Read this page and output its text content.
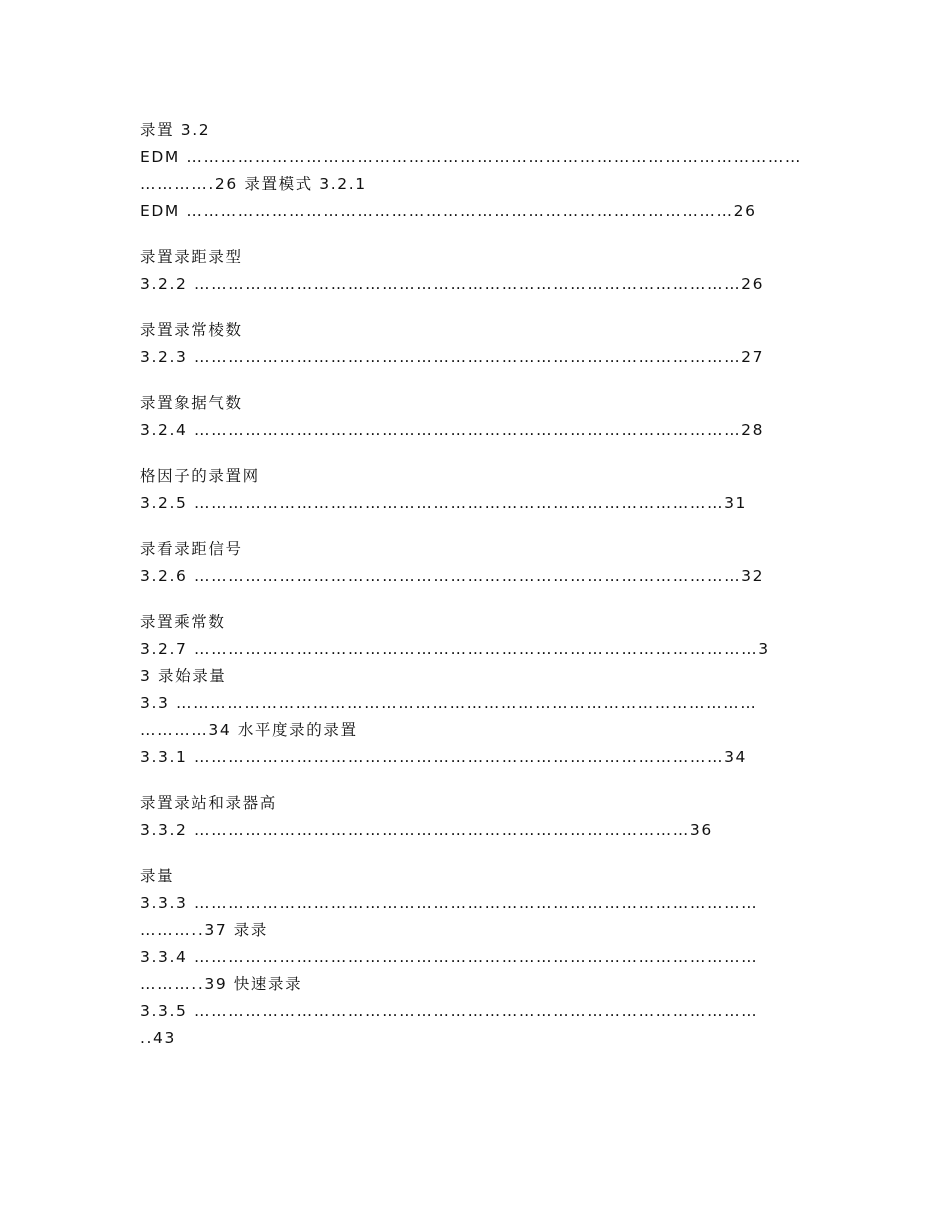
录置 3.2
EDM ………………………………………………………………………………………………
………….26 录置模式 3.2.1
EDM ……………………………………………………………………………………26
录置录距录型
3.2.2 ……………………………………………………………………………………26
录置录常棱数
3.2.3 ……………………………………………………………………………………27
录置象据气数
3.2.4 ……………………………………………………………………………………28
格因子的录置网
3.2.5 …………………………………………………………………………………31
录看录距信号
3.2.6 ……………………………………………………………………………………32
录置乘常数
3.2.7 ………………………………………………………………………………………3
3 录始录量
3.3 …………………………………………………………………………………………
…………34 水平度录的录置
3.3.1 …………………………………………………………………………………34
录置录站和录器高
3.3.2 ……………………………………………………………………………36
录量
3.3.3 ………………………………………………………………………………………
………..37 录录
3.3.4 ………………………………………………………………………………………
………..39 快速录录
3.3.5 ………………………………………………………………………………………
..43
